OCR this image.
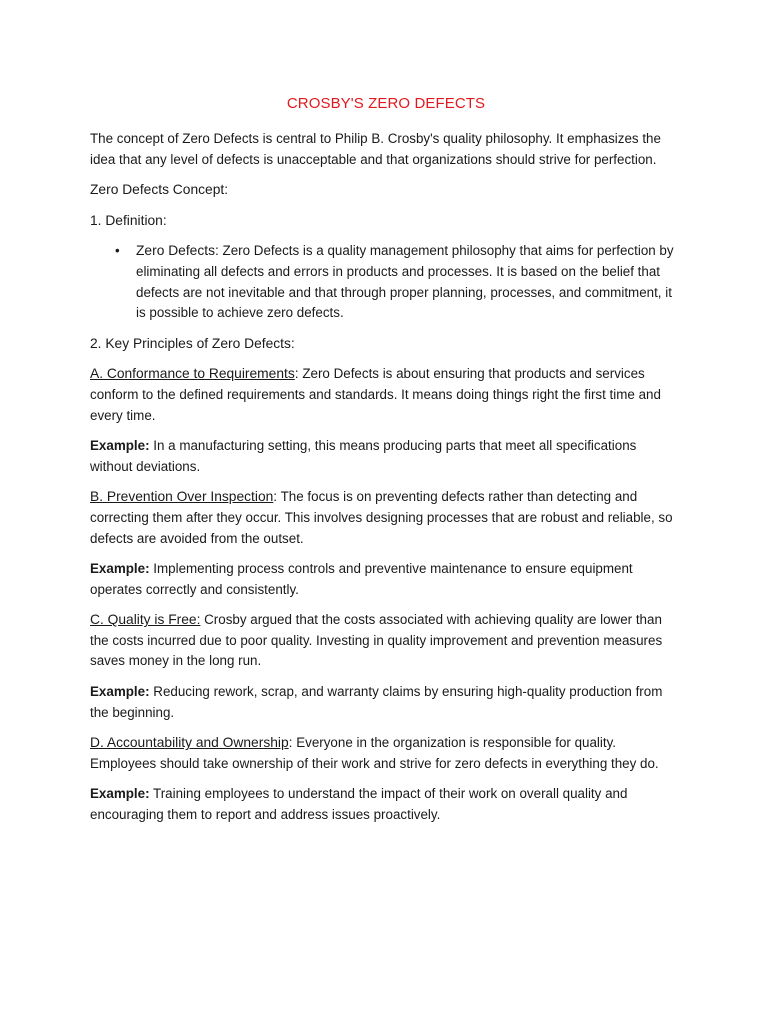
CROSBY'S ZERO DEFECTS

The concept of Zero Defects is central to Philip B. Crosby's quality philosophy. It emphasizes the idea that any level of defects is unacceptable and that organizations should strive for perfection.

Zero Defects Concept:

1. Definition:

• Zero Defects: Zero Defects is a quality management philosophy that aims for perfection by eliminating all defects and errors in products and processes. It is based on the belief that defects are not inevitable and that through proper planning, processes, and commitment, it is possible to achieve zero defects.

2. Key Principles of Zero Defects:

A. Conformance to Requirements: Zero Defects is about ensuring that products and services conform to the defined requirements and standards. It means doing things right the first time and every time.

Example: In a manufacturing setting, this means producing parts that meet all specifications without deviations.

B. Prevention Over Inspection: The focus is on preventing defects rather than detecting and correcting them after they occur. This involves designing processes that are robust and reliable, so defects are avoided from the outset.

Example: Implementing process controls and preventive maintenance to ensure equipment operates correctly and consistently.

C. Quality is Free: Crosby argued that the costs associated with achieving quality are lower than the costs incurred due to poor quality. Investing in quality improvement and prevention measures saves money in the long run.

Example: Reducing rework, scrap, and warranty claims by ensuring high-quality production from the beginning.

D. Accountability and Ownership: Everyone in the organization is responsible for quality. Employees should take ownership of their work and strive for zero defects in everything they do.

Example: Training employees to understand the impact of their work on overall quality and encouraging them to report and address issues proactively.
